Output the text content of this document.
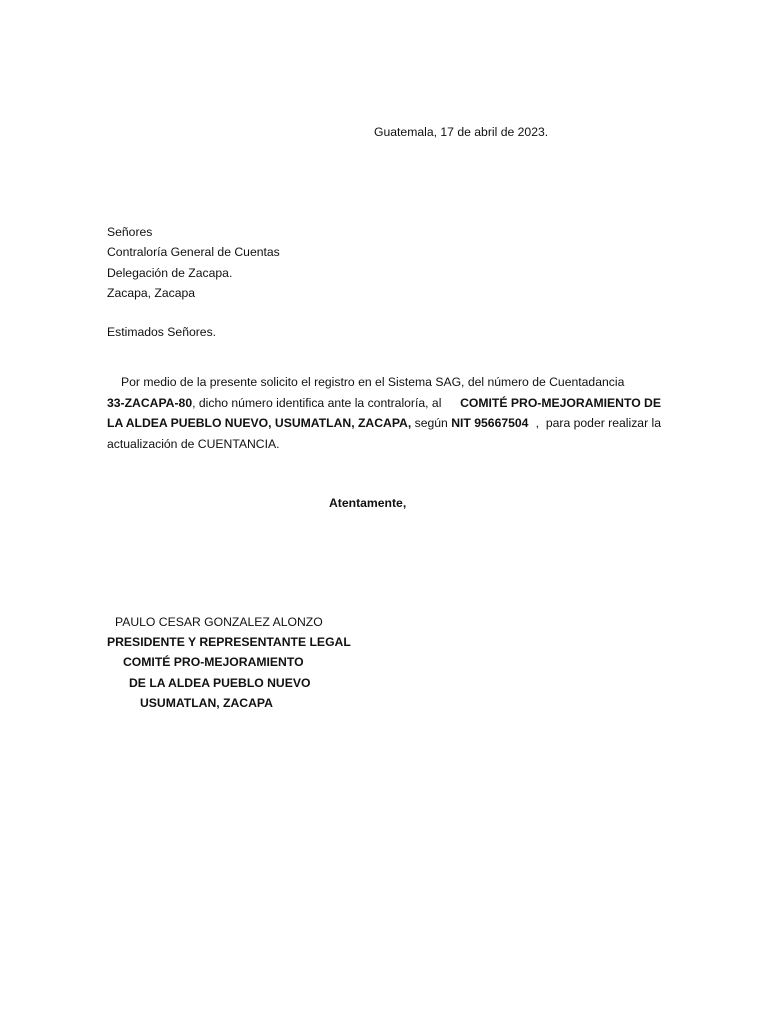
Guatemala, 17 de abril de 2023.
Señores
Contraloría General de Cuentas
Delegación de Zacapa.
Zacapa, Zacapa
Estimados Señores.
Por medio de la presente solicito el registro en el Sistema SAG, del número de Cuentadancia
33-ZACAPA-80, dicho número identifica ante la contraloría, al COMITÉ PRO-MEJORAMIENTO DE
LA ALDEA PUEBLO NUEVO, USUMATLAN, ZACAPA, según NIT 95667504 ,  para poder realizar la
actualización de CUENTANCIA.
Atentamente,
PAULO CESAR GONZALEZ ALONZO
PRESIDENTE Y REPRESENTANTE LEGAL
COMITÉ PRO-MEJORAMIENTO
DE LA ALDEA PUEBLO NUEVO
USUMATLAN, ZACAPA
